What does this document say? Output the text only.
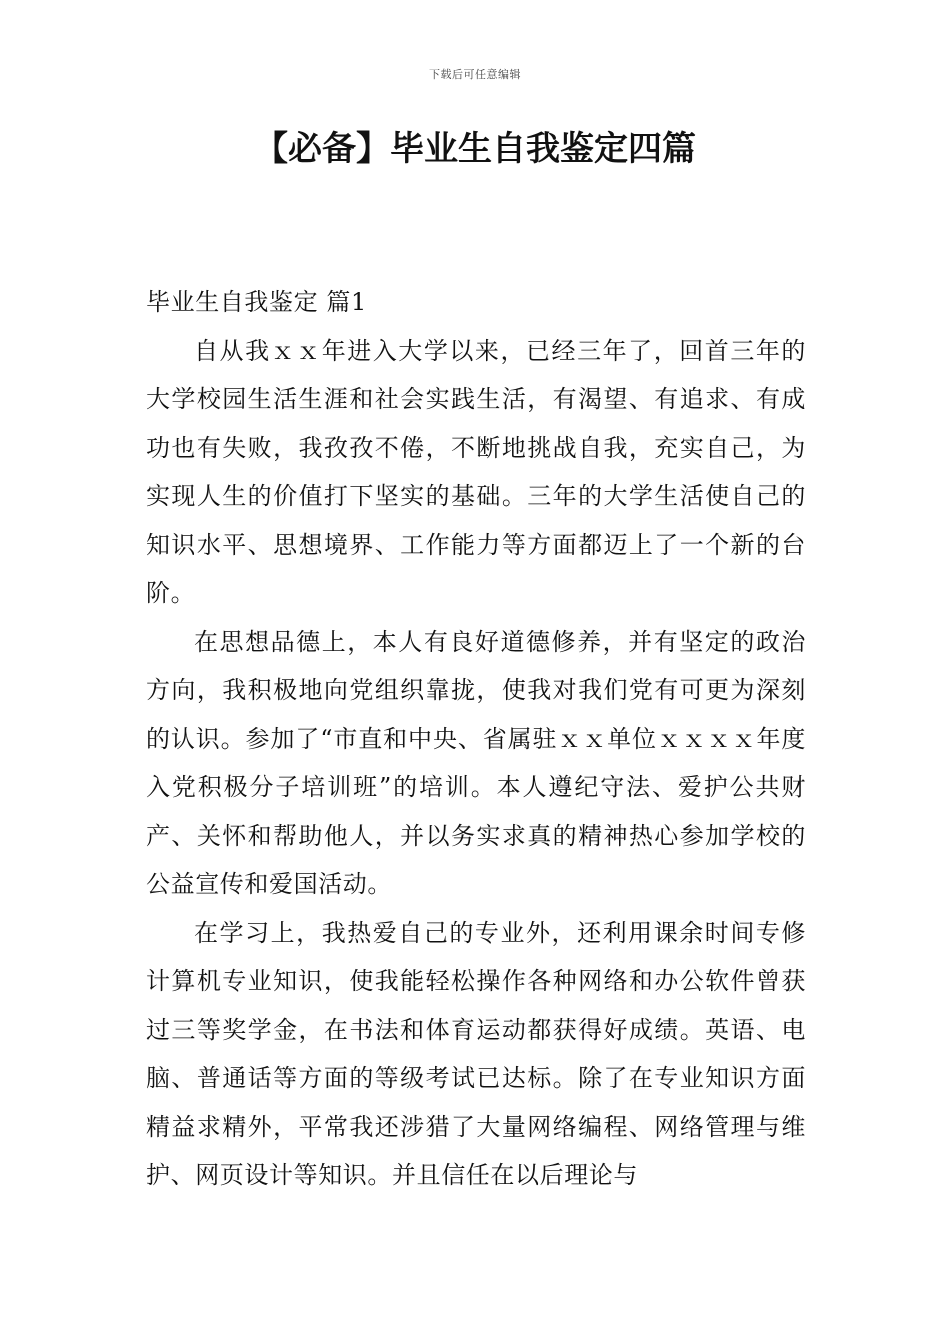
下载后可任意编辑
【必备】毕业生自我鉴定四篇

毕业生自我鉴定 篇1

自从我ｘｘ年进入大学以来，已经三年了，回首三年的大学校园生活生涯和社会实践生活，有渴望、有追求、有成功也有失败，我孜孜不倦，不断地挑战自我，充实自己，为实现人生的价值打下坚实的基础。三年的大学生活使自己的知识水平、思想境界、工作能力等方面都迈上了一个新的台阶。

在思想品德上，本人有良好道德修养，并有坚定的政治方向，我积极地向党组织靠拢，使我对我们党有可更为深刻的认识。参加了“市直和中央、省属驻ｘｘ单位ｘｘｘｘ年度入党积极分子培训班”的培训。本人遵纪守法、爱护公共财产、关怀和帮助他人，并以务实求真的精神热心参加学校的公益宣传和爱国活动。

在学习上，我热爱自己的专业外，还利用课余时间专修计算机专业知识，使我能轻松操作各种网络和办公软件曾获过三等奖学金，在书法和体育运动都获得好成绩。英语、电脑、普通话等方面的等级考试已达标。除了在专业知识方面精益求精外，平常我还涉猎了大量网络编程、网络管理与维护、网页设计等知识。并且信任在以后理论与
